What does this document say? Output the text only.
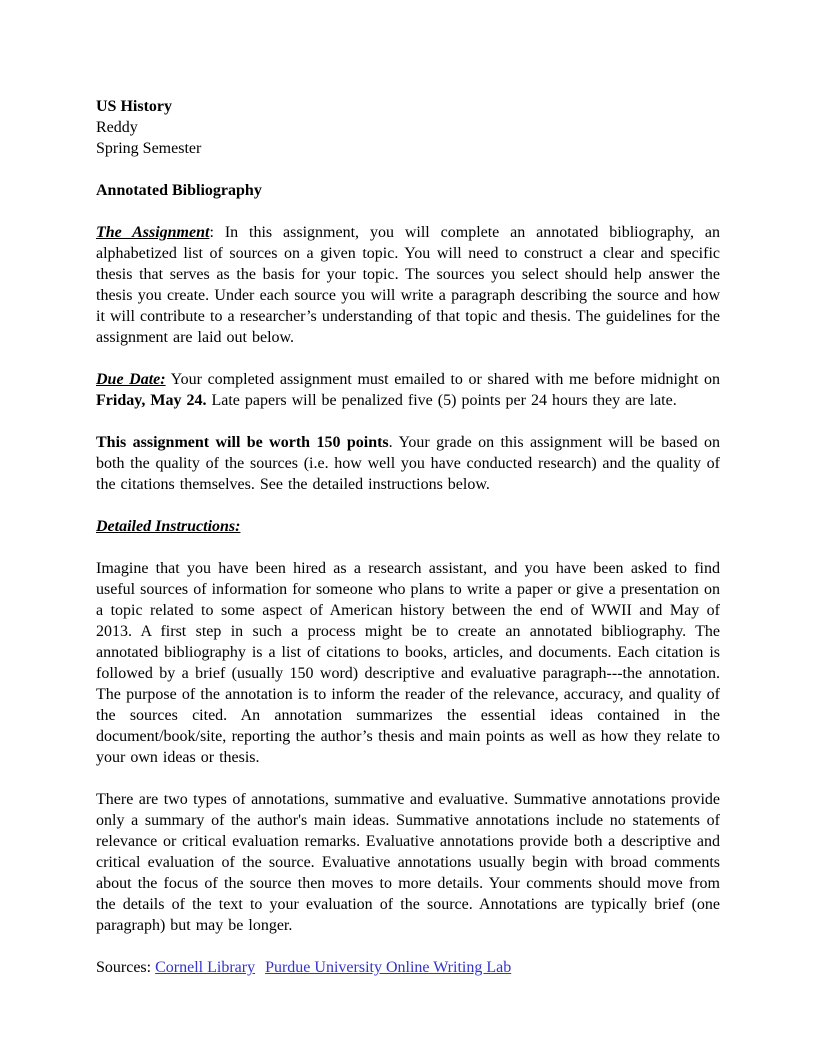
US History
Reddy
Spring Semester

Annotated Bibliography

The Assignment: In this assignment, you will complete an annotated bibliography, an alphabetized list of sources on a given topic. You will need to construct a clear and specific thesis that serves as the basis for your topic. The sources you select should help answer the thesis you create. Under each source you will write a paragraph describing the source and how it will contribute to a researcher’s understanding of that topic and thesis. The guidelines for the assignment are laid out below.

Due Date: Your completed assignment must emailed to or shared with me before midnight on Friday, May 24. Late papers will be penalized five (5) points per 24 hours they are late.

This assignment will be worth 150 points. Your grade on this assignment will be based on both the quality of the sources (i.e. how well you have conducted research) and the quality of the citations themselves. See the detailed instructions below.

Detailed Instructions:

Imagine that you have been hired as a research assistant, and you have been asked to find useful sources of information for someone who plans to write a paper or give a presentation on a topic related to some aspect of American history between the end of WWII and May of 2013. A first step in such a process might be to create an annotated bibliography. The annotated bibliography is a list of citations to books, articles, and documents. Each citation is followed by a brief (usually 150 word) descriptive and evaluative paragraph---the annotation. The purpose of the annotation is to inform the reader of the relevance, accuracy, and quality of the sources cited. An annotation summarizes the essential ideas contained in the document/book/site, reporting the author’s thesis and main points as well as how they relate to your own ideas or thesis.

There are two types of annotations, summative and evaluative. Summative annotations provide only a summary of the author's main ideas. Summative annotations include no statements of relevance or critical evaluation remarks. Evaluative annotations provide both a descriptive and critical evaluation of the source. Evaluative annotations usually begin with broad comments about the focus of the source then moves to more details. Your comments should move from the details of the text to your evaluation of the source. Annotations are typically brief (one paragraph) but may be longer.

Sources: Cornell Library Purdue University Online Writing Lab
